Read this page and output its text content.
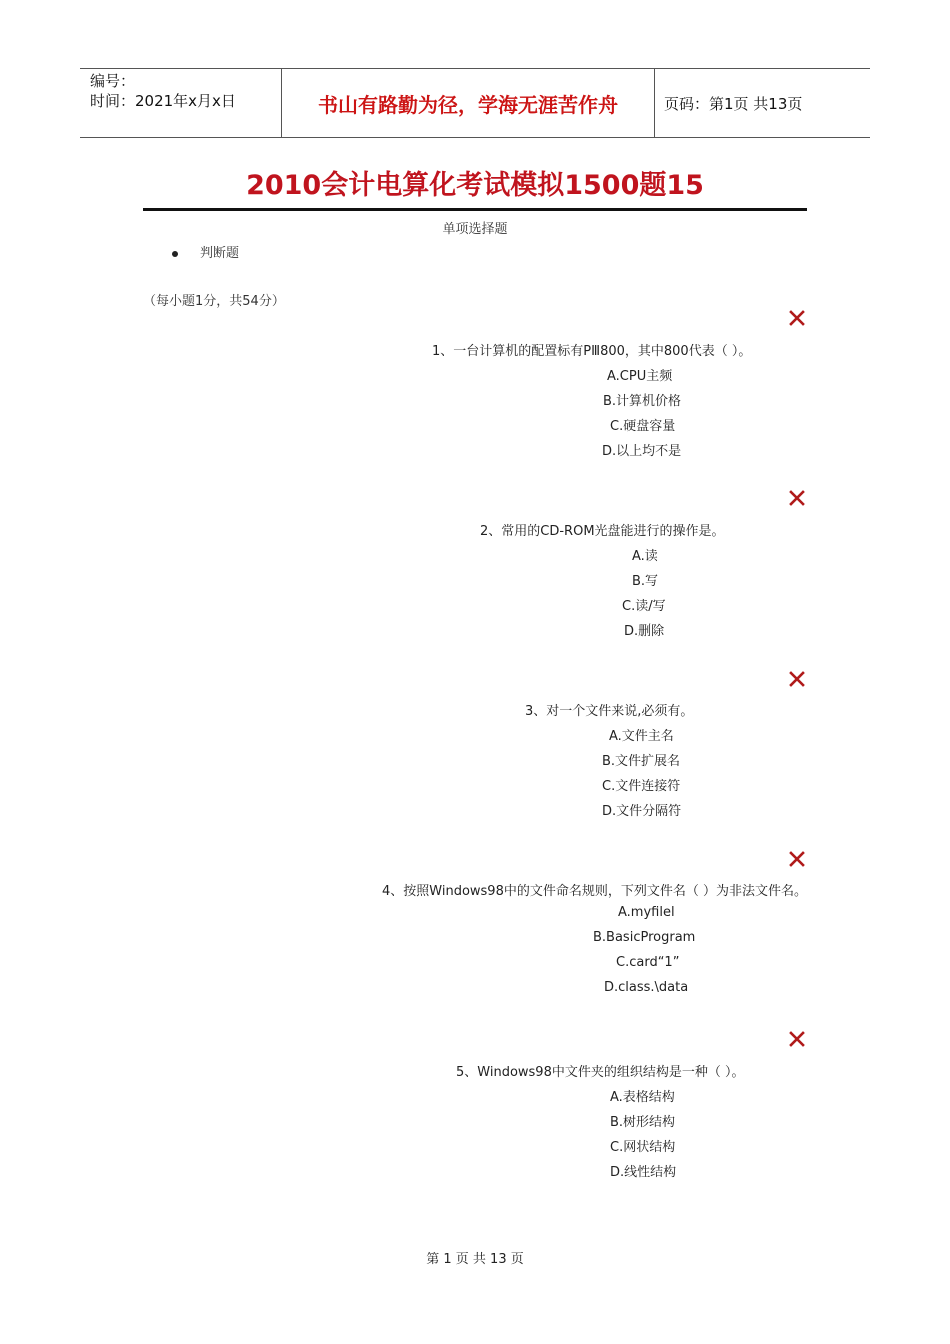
编号：
时间：2021年x月x日	书山有路勤为径，学海无涯苦作舟	页码：第1页 共13页
2010会计电算化考试模拟1500题15
单项选择题
判断题
（每小题1分，共54分）
1、一台计算机的配置标有PⅢ800，其中800代表（ ）。
A.CPU主频
B.计算机价格
C.硬盘容量
D.以上均不是
2、常用的CD-ROM光盘能进行的操作是。
A.读
B.写
C.读/写
D.删除
3、对一个文件来说,必须有。
A.文件主名
B.文件扩展名
C.文件连接符
D.文件分隔符
4、按照Windows98中的文件命名规则，下列文件名（ ）为非法文件名。
A.myfilel
B.BasicProgram
C.card“1”
D.class.\data
5、Windows98中文件夹的组织结构是一种（ ）。
A.表格结构
B.树形结构
C.网状结构
D.线性结构
第 1 页 共 13 页
